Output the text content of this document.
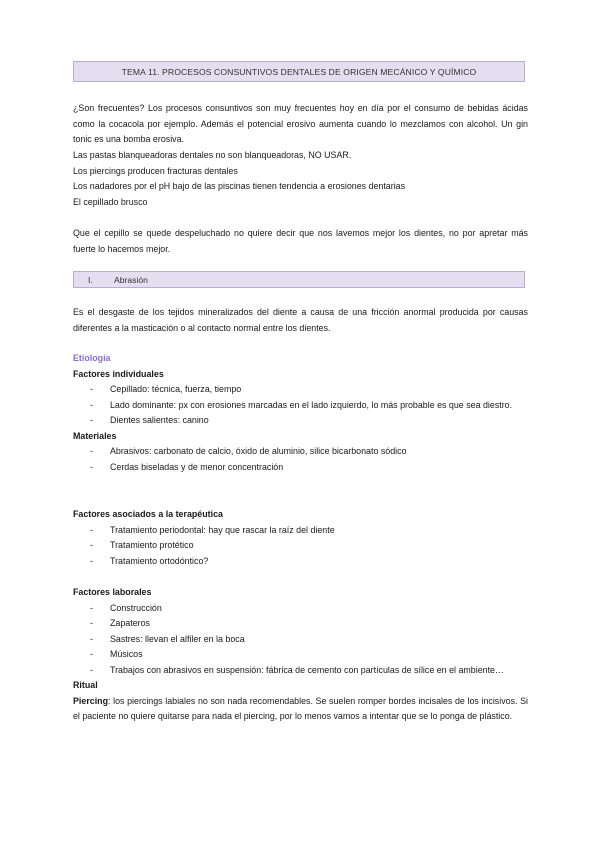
TEMA 11. PROCESOS CONSUNTIVOS DENTALES DE ORIGEN MECÁNICO Y QUÍMICO
¿Son frecuentes? Los procesos consuntivos son muy frecuentes hoy en día por el consumo de bebidas ácidas como la cocacola por ejemplo. Además el potencial erosivo aumenta cuando lo mezclamos con alcohol. Un gin tonic es una bomba erosiva.
Las pastas blanqueadoras dentales no son blanqueadoras, NO USAR.
Los piercings producen fracturas dentales
Los nadadores por el pH bajo de las piscinas tienen tendencia a erosiones dentarias
El cepillado brusco
Que el cepillo se quede despeluchado no quiere decir que nos lavemos mejor los dientes, no por apretar más fuerte lo hacemos mejor.
I.	Abrasión
Es el desgaste de los tejidos mineralizados del diente a causa de una fricción anormal producida por causas diferentes a la masticación o al contacto normal entre los dientes.
Etiología
Factores individuales
- Cepillado: técnica, fuerza, tiempo
- Lado dominante: px con erosiones marcadas en el lado izquierdo, lo más probable es que sea diestro.
- Dientes salientes: canino
Materiales
- Abrasivos: carbonato de calcio, óxido de aluminio, silice bicarbonato sódico
- Cerdas biseladas y de menor concentración
Factores asociados a la terapéutica
- Tratamiento periodontal: hay que rascar la raíz del diente
- Tratamiento protético
- Tratamiento ortodóntico?
Factores laborales
- Construcción
- Zapateros
- Sastres: llevan el alfiler en la boca
- Músicos
- Trabajos con abrasivos en suspensión: fábrica de cemento con partículas de sílice en el ambiente…
Ritual
Piercing: los piercings labiales no son nada recomendables. Se suelen romper bordes incisales de los incisivos. Si el paciente no quiere quitarse para nada el piercing, por lo menos vamos a intentar que se lo ponga de plástico.
